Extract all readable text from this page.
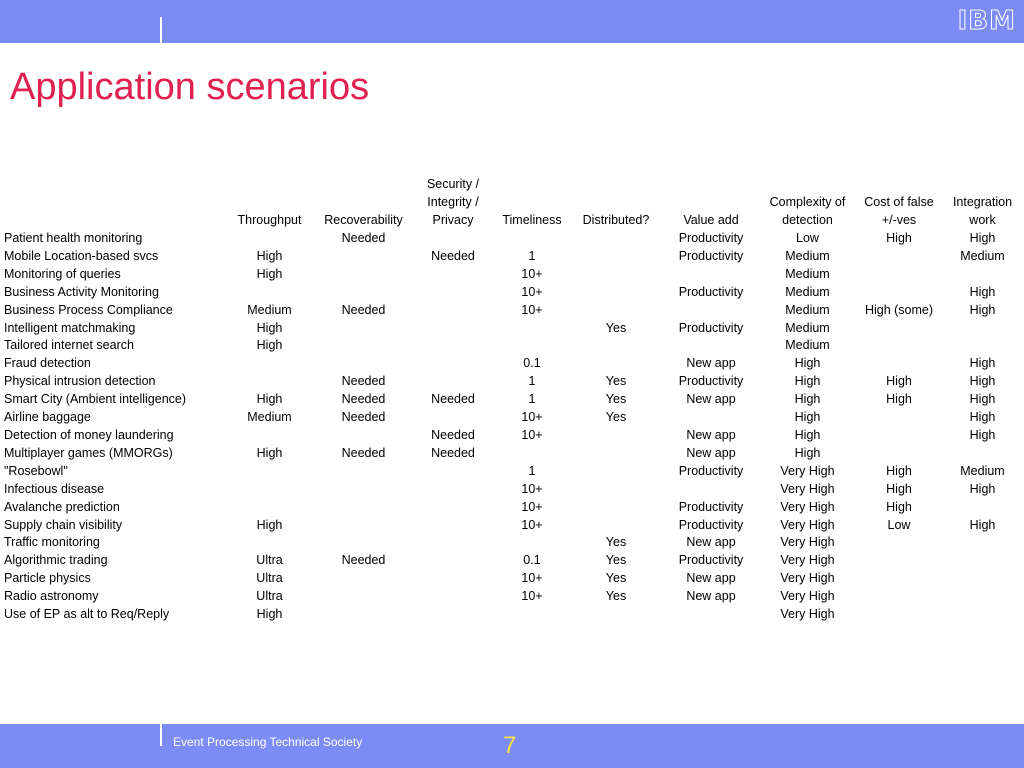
IBM
Application scenarios

	Throughput	Recoverability	Security / Integrity / Privacy	Timeliness	Distributed?	Value add	Complexity of detection	Cost of false +/-ves	Integration work

Patient health monitoring		Needed				Productivity	Low	High	High
Mobile Location-based svcs	High		Needed	1		Productivity	Medium		Medium
Monitoring of queries	High			10+			Medium		
Business Activity Monitoring				10+		Productivity	Medium		High
Business Process Compliance	Medium	Needed		10+			Medium	High (some)	High
Intelligent matchmaking	High				Yes	Productivity	Medium		
Tailored internet search	High						Medium		
Fraud detection				0.1		New app	High		High
Physical intrusion detection		Needed		1	Yes	Productivity	High	High	High
Smart City (Ambient intelligence)	High	Needed	Needed	1	Yes	New app	High	High	High
Airline baggage	Medium	Needed		10+	Yes		High		High
Detection of money laundering			Needed	10+		New app	High		High
Multiplayer games (MMORGs)	High	Needed	Needed			New app	High		
"Rosebowl"				1		Productivity	Very High	High	Medium
Infectious disease				10+			Very High	High	High
Avalanche prediction				10+		Productivity	Very High	High	
Supply chain visibility	High			10+		Productivity	Very High	Low	High
Traffic monitoring					Yes	New app	Very High		
Algorithmic trading	Ultra	Needed		0.1	Yes	Productivity	Very High		
Particle physics	Ultra			10+	Yes	New app	Very High		
Radio astronomy	Ultra			10+	Yes	New app	Very High		
Use of EP as alt to Req/Reply	High						Very High		
Event Processing Technical Society	7
